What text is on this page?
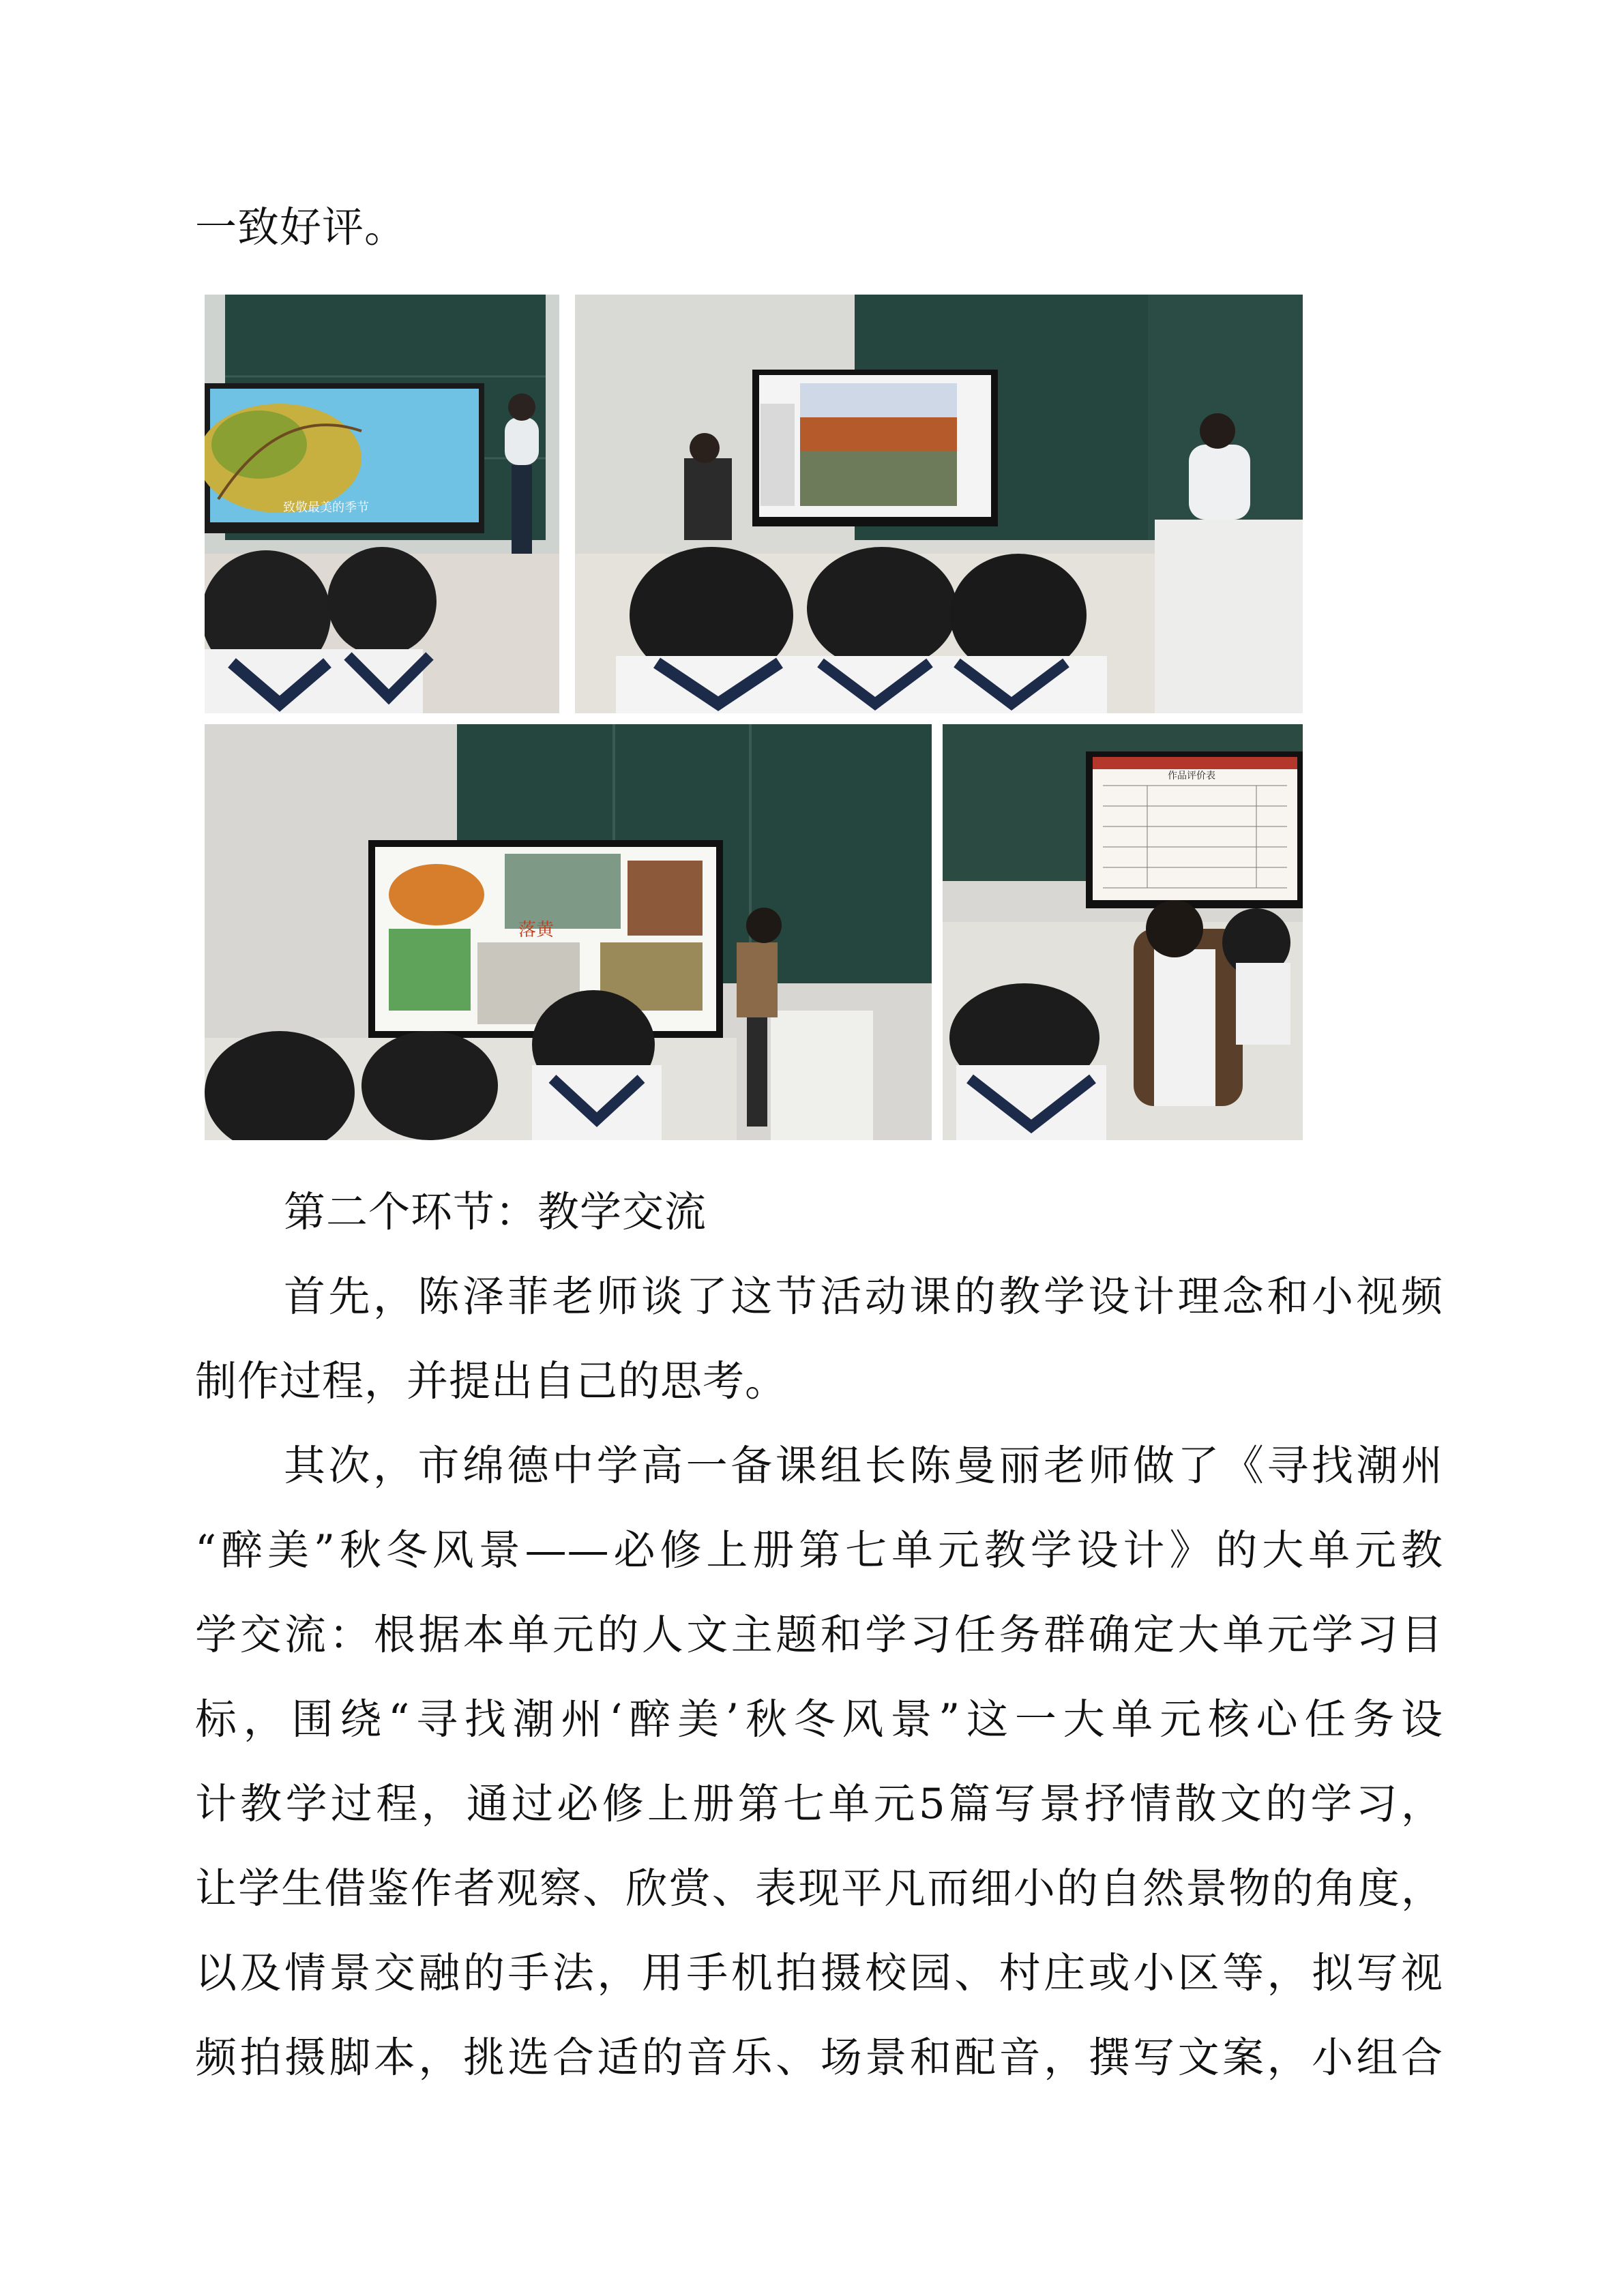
一致好评。
致敬最美的季节
落黄
作品评价表
第二个环节：教学交流
首先，陈泽菲老师谈了这节活动课的教学设计理念和小视频
制作过程，并提出自己的思考。
其次，市绵德中学高一备课组长陈曼丽老师做了《寻找潮州
“醉美”秋冬风景——必修上册第七单元教学设计》的大单元教
学交流：根据本单元的人文主题和学习任务群确定大单元学习目
标，围绕“寻找潮州‘醉美’秋冬风景”这一大单元核心任务设
计教学过程，通过必修上册第七单元5篇写景抒情散文的学习，
让学生借鉴作者观察、欣赏、表现平凡而细小的自然景物的角度，
以及情景交融的手法，用手机拍摄校园、村庄或小区等，拟写视
频拍摄脚本，挑选合适的音乐、场景和配音，撰写文案，小组合
